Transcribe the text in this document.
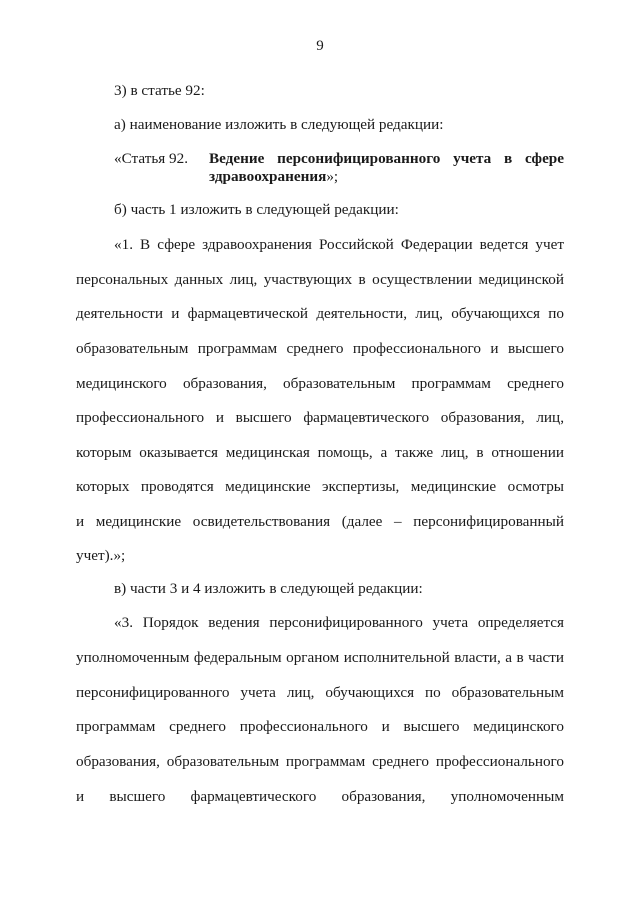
9
3) в статье 92:
а) наименование изложить в следующей редакции:
«Статья 92. Ведение персонифицированного учета в сфере
здравоохранения»;
б) часть 1 изложить в следующей редакции:
«1. В сфере здравоохранения Российской Федерации ведется учет
персональных данных лиц, участвующих в осуществлении медицинской
деятельности и фармацевтической деятельности, лиц, обучающихся по
образовательным программам среднего профессионального и высшего
медицинского образования, образовательным программам среднего
профессионального и высшего фармацевтического образования, лиц,
которым оказывается медицинская помощь, а также лиц, в отношении
которых проводятся медицинские экспертизы, медицинские осмотры
и медицинские освидетельствования (далее – персонифицированный
учет).»;
в) части 3 и 4 изложить в следующей редакции:
«3. Порядок ведения персонифицированного учета определяется
уполномоченным федеральным органом исполнительной власти, а в части
персонифицированного учета лиц, обучающихся по образовательным
программам среднего профессионального и высшего медицинского
образования, образовательным программам среднего профессионального
и высшего фармацевтического образования, уполномоченным
